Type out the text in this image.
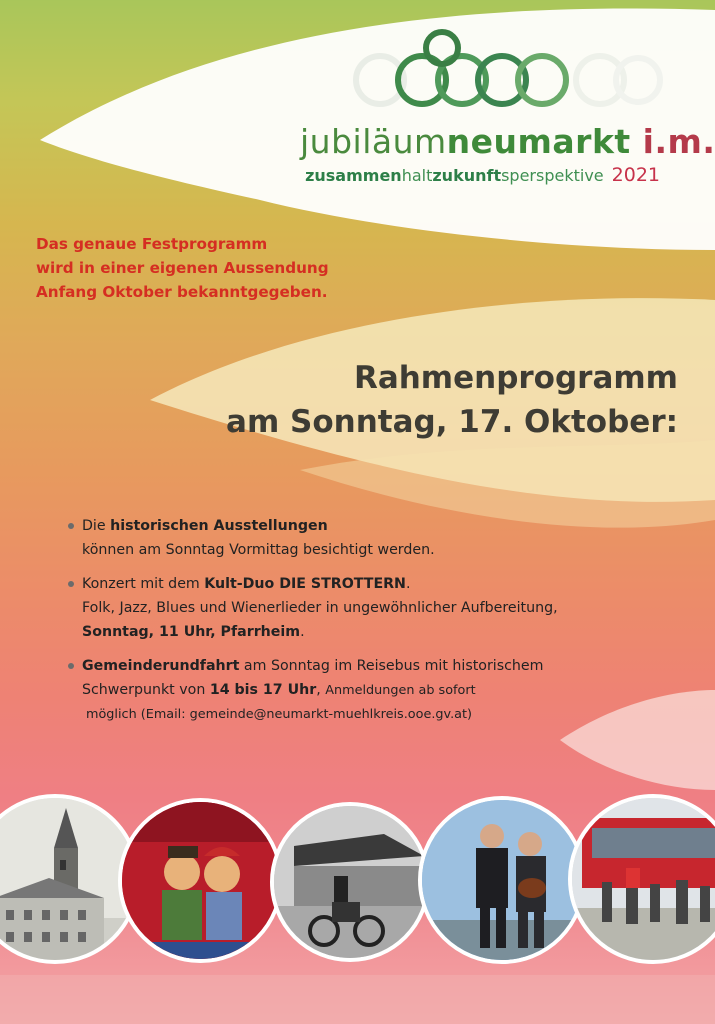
jubiläumneumarkt i.m.
zusammenhaltzukunftsperspektive 2021
Das genaue Festprogramm
wird in einer eigenen Aussendung
Anfang Oktober bekanntgegeben.
Rahmenprogramm
am Sonntag, 17. Oktober:
Die historischen Ausstellungen
können am Sonntag Vormittag besichtigt werden.
Konzert mit dem Kult-Duo DIE STROTTERN.
Folk, Jazz, Blues und Wienerlieder in ungewöhnlicher Aufbereitung,
Sonntag, 11 Uhr, Pfarrheim.
Gemeinderundfahrt am Sonntag im Reisebus mit historischem
Schwerpunkt von 14 bis 17 Uhr, Anmeldungen ab sofort
möglich (Email: gemeinde@neumarkt-muehlkreis.ooe.gv.at)
